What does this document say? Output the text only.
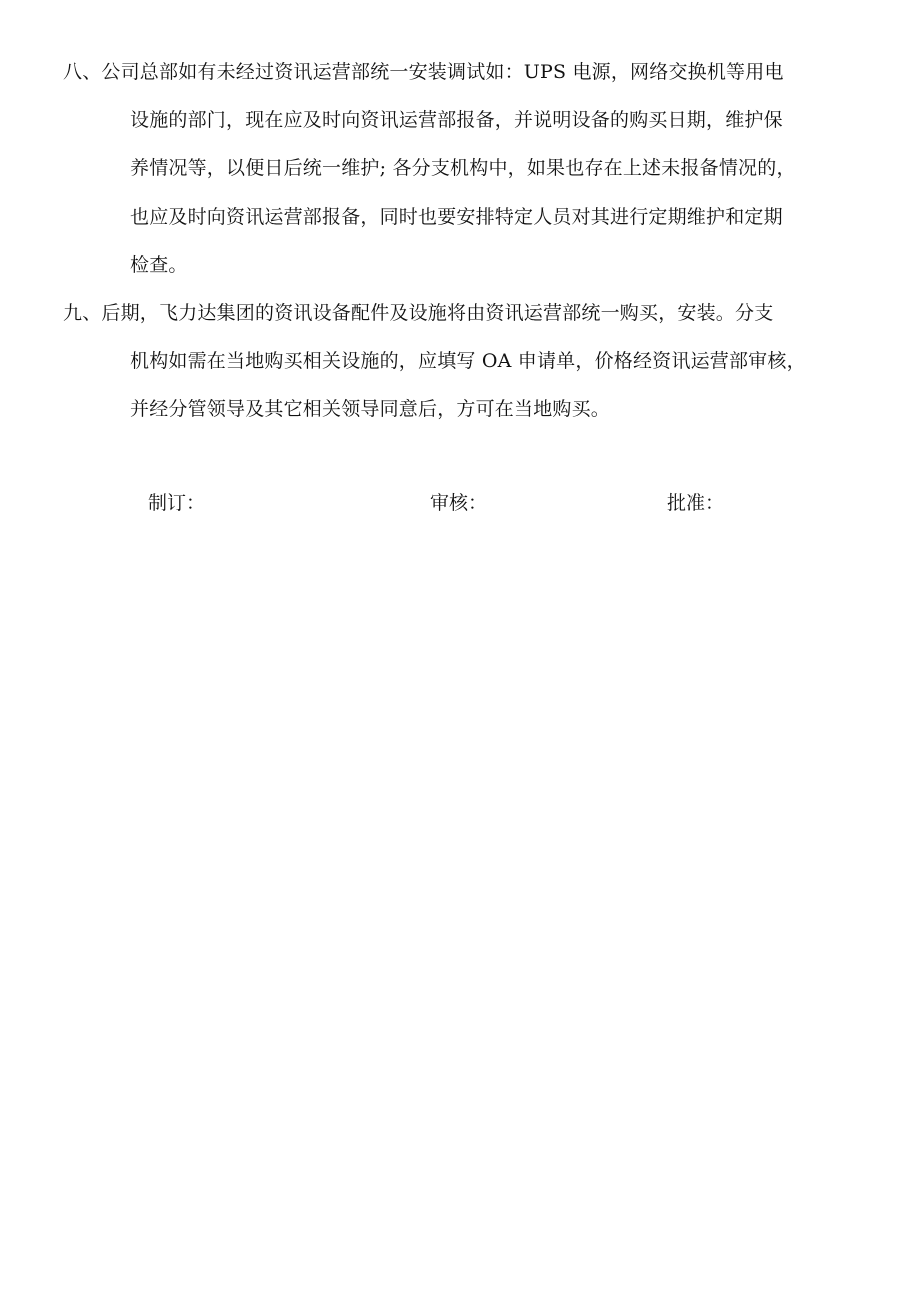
八、公司总部如有未经过资讯运营部统一安装调试如：UPS 电源，网络交换机等用电
设施的部门，现在应及时向资讯运营部报备，并说明设备的购买日期，维护保
养情况等，以便日后统一维护; 各分支机构中，如果也存在上述未报备情况的，
也应及时向资讯运营部报备，同时也要安排特定人员对其进行定期维护和定期
检查。
九、后期，飞力达集团的资讯设备配件及设施将由资讯运营部统一购买，安装。分支
机构如需在当地购买相关设施的，应填写 OA 申请单，价格经资讯运营部审核，
并经分管领导及其它相关领导同意后，方可在当地购买。
制订：	审核：	批准：
